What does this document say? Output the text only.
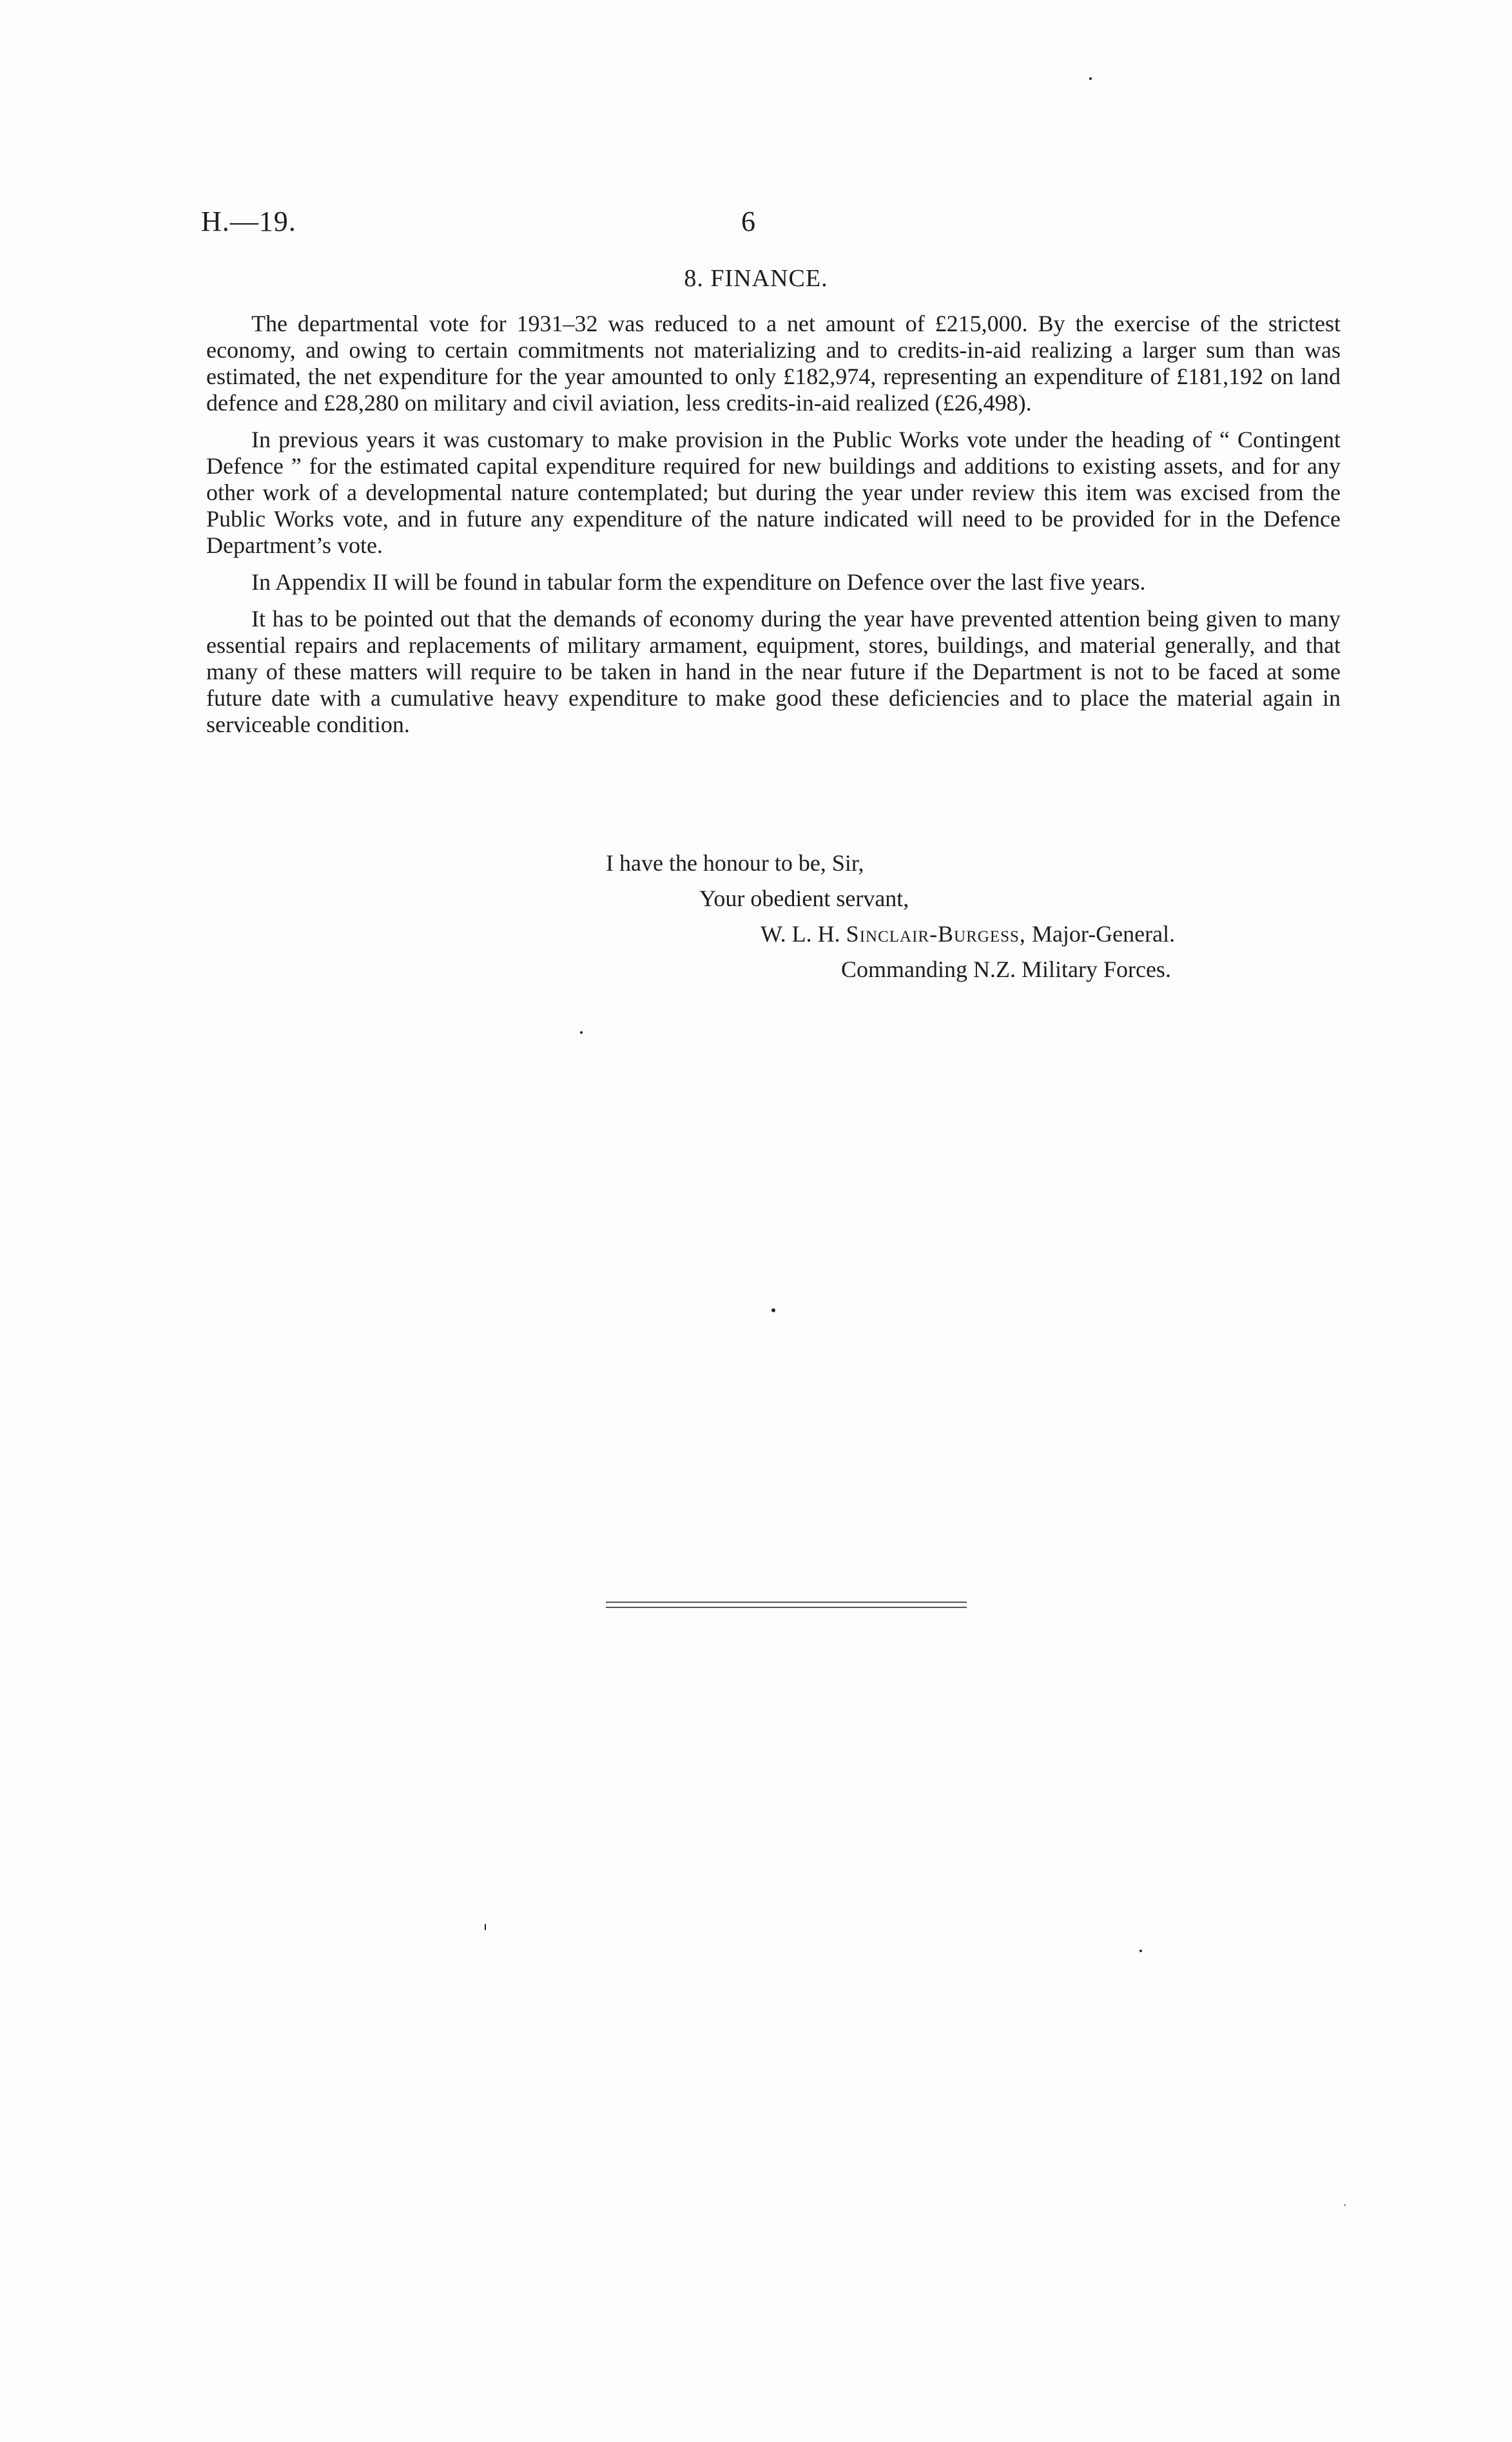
H.—19.	6
8. FINANCE.

The departmental vote for 1931–32 was reduced to a net amount of £215,000. By the exercise of the strictest economy, and owing to certain commitments not materializing and to credits-in-aid realizing a larger sum than was estimated, the net expenditure for the year amounted to only £182,974, representing an expenditure of £181,192 on land defence and £28,280 on military and civil aviation, less credits-in-aid realized (£26,498).

In previous years it was customary to make provision in the Public Works vote under the heading of “ Contingent Defence ” for the estimated capital expenditure required for new buildings and additions to existing assets, and for any other work of a developmental nature contemplated; but during the year under review this item was excised from the Public Works vote, and in future any expenditure of the nature indicated will need to be provided for in the Defence Department’s vote.

In Appendix II will be found in tabular form the expenditure on Defence over the last five years.

It has to be pointed out that the demands of economy during the year have prevented attention being given to many essential repairs and replacements of military armament, equipment, stores, buildings, and material generally, and that many of these matters will require to be taken in hand in the near future if the Department is not to be faced at some future date with a cumulative heavy expenditure to make good these deficiencies and to place the material again in serviceable condition.

I have the honour to be, Sir,
Your obedient servant,
W. L. H. Sinclair-Burgess, Major-General.
Commanding N.Z. Military Forces.
